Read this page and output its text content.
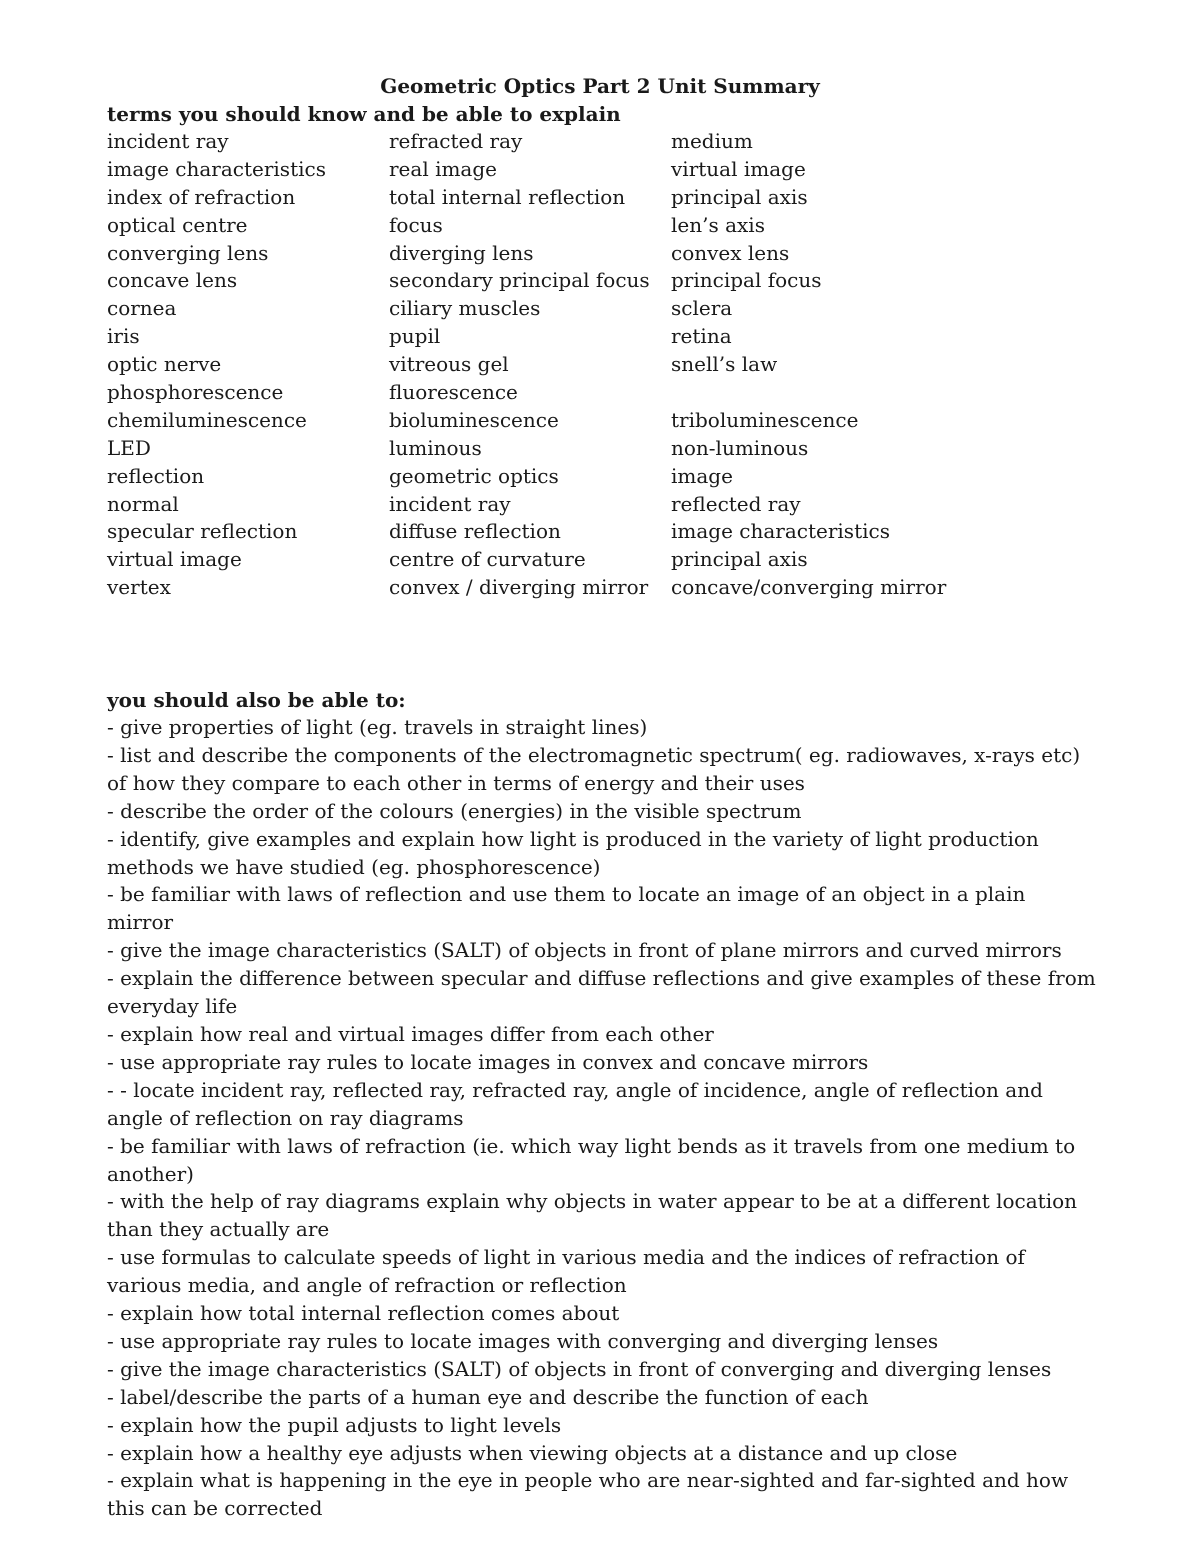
Geometric Optics Part 2 Unit Summary
terms you should know and be able to explain
incident ray	refracted ray	medium
image characteristics	real image	virtual image
index of refraction	total internal reflection	principal axis
optical centre	focus	len’s axis
converging lens	diverging lens	convex lens
concave lens	secondary principal focus	principal focus
cornea	ciliary muscles	sclera
iris	pupil	retina
optic nerve	vitreous gel	snell’s law
phosphorescence	fluorescence
chemiluminescence	bioluminescence	triboluminescence
LED	luminous	non-luminous
reflection	geometric optics	image
normal	incident ray	reflected ray
specular reflection	diffuse reflection	image characteristics
virtual image	centre of curvature	principal axis
vertex	convex / diverging mirror	concave/converging mirror
you should also be able to:
- give properties of light (eg. travels in straight lines)
- list and describe the components of the electromagnetic spectrum( eg. radiowaves, x-rays etc) of how they compare to each other in terms of energy and their uses
- describe the order of the colours (energies) in the visible spectrum
- identify, give examples and explain how light is produced in the variety of light production methods we have studied (eg. phosphorescence)
- be familiar with laws of reflection and use them to locate an image of an object in a plain mirror
- give the image characteristics (SALT) of objects in front of plane mirrors and curved mirrors
- explain the difference between specular and diffuse reflections and give examples of these from everyday life
- explain how real and virtual images differ from each other
- use appropriate ray rules to locate images in convex and concave mirrors
- - locate incident ray, reflected ray, refracted ray, angle of incidence, angle of reflection and angle of reflection on ray diagrams
- be familiar with laws of refraction (ie. which way light bends as it travels from one medium to another)
- with the help of ray diagrams explain why objects in water appear to be at a different location than they actually are
- use formulas to calculate speeds of light in various media and the indices of refraction of various media, and angle of refraction or reflection
- explain how total internal reflection comes about
- use appropriate ray rules to locate images with converging and diverging lenses
- give the image characteristics (SALT) of objects in front of converging and diverging lenses
- label/describe the parts of a human eye and describe the function of each
- explain how the pupil adjusts to light levels
- explain how a healthy eye adjusts when viewing objects at a distance and up close
- explain what is happening in the eye in people who are near-sighted and far-sighted and how this can be corrected
